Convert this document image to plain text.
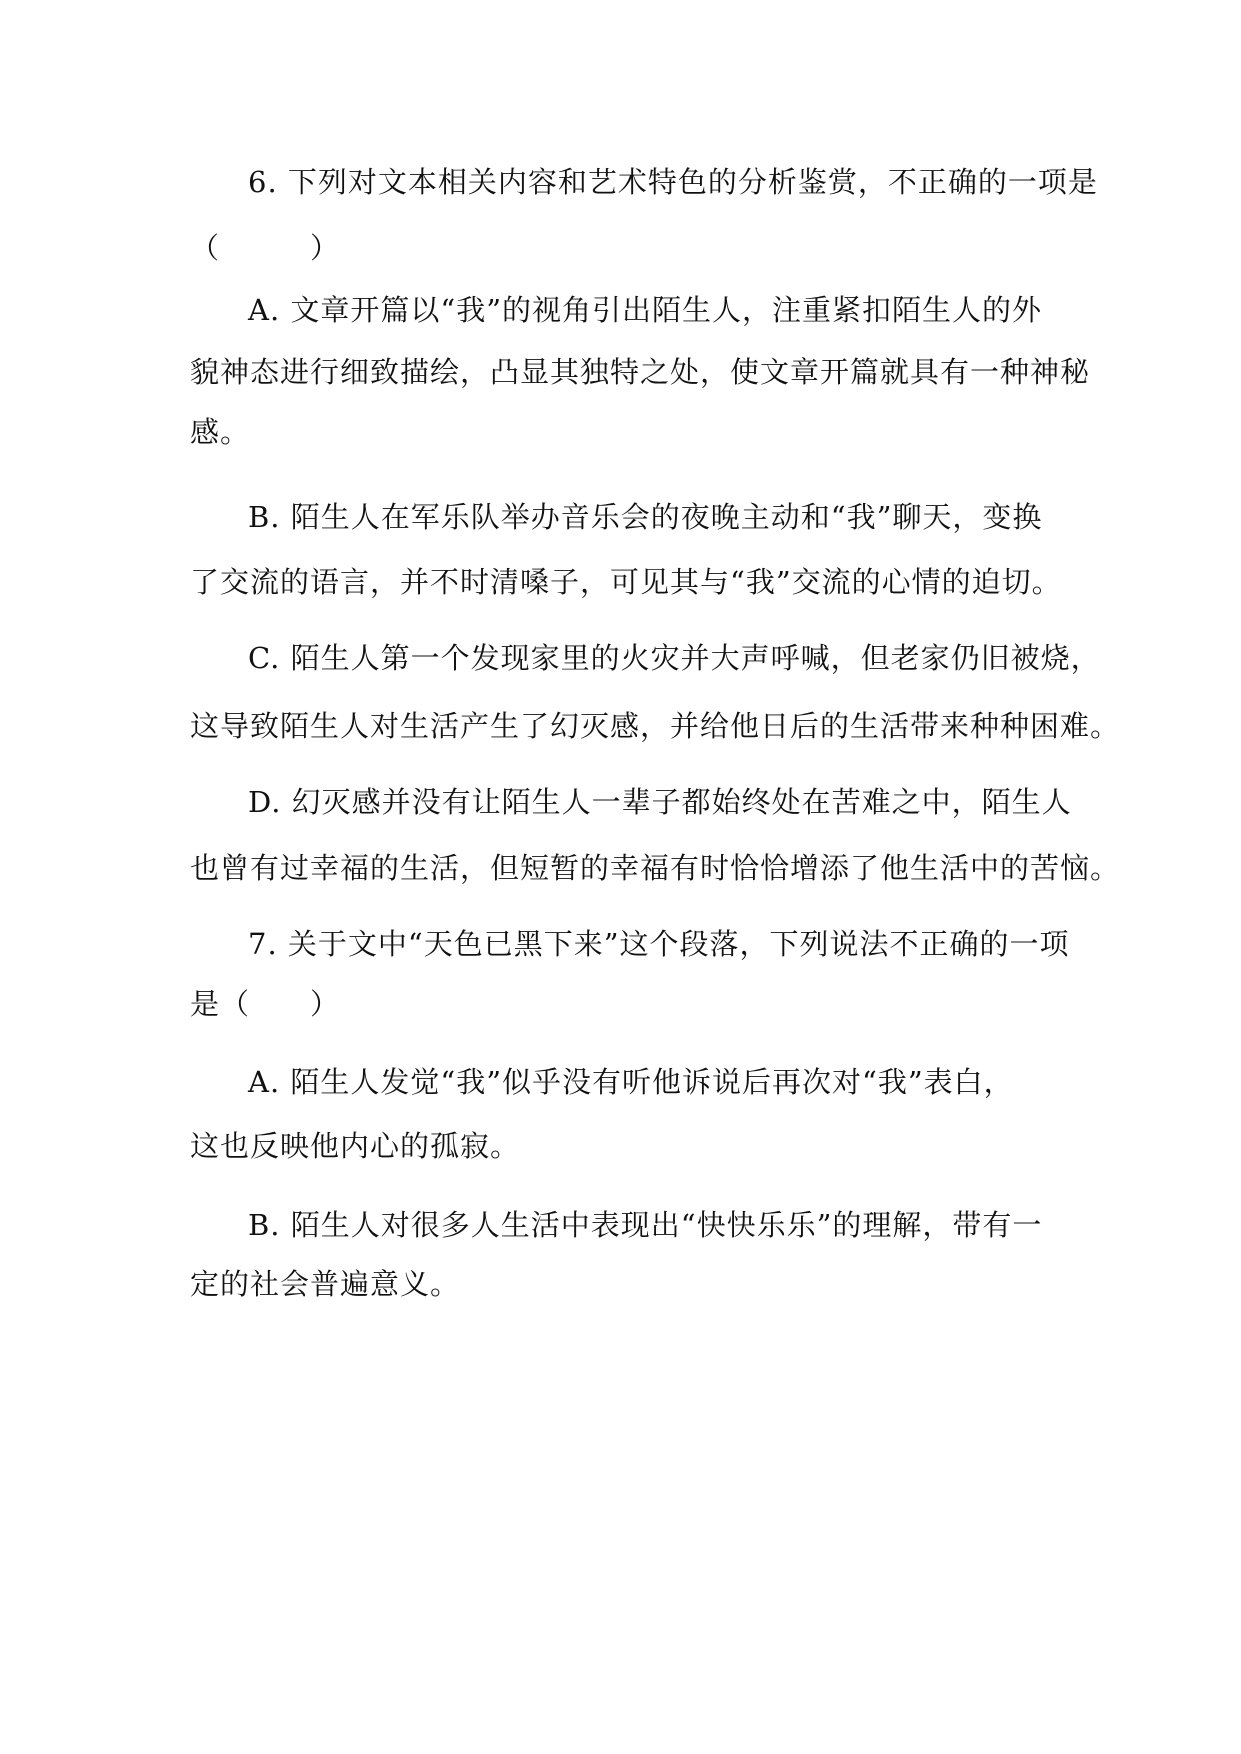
6. 下列对文本相关内容和艺术特色的分析鉴赏，不正确的一项是
（　　　）
A. 文章开篇以“我”的视角引出陌生人，注重紧扣陌生人的外
貌神态进行细致描绘，凸显其独特之处，使文章开篇就具有一种神秘
感。
B. 陌生人在军乐队举办音乐会的夜晚主动和“我”聊天，变换
了交流的语言，并不时清嗓子，可见其与“我”交流的心情的迫切。
C. 陌生人第一个发现家里的火灾并大声呼喊，但老家仍旧被烧，
这导致陌生人对生活产生了幻灭感，并给他日后的生活带来种种困难。
D. 幻灭感并没有让陌生人一辈子都始终处在苦难之中，陌生人
也曾有过幸福的生活，但短暂的幸福有时恰恰增添了他生活中的苦恼。
7. 关于文中“天色已黑下来”这个段落，下列说法不正确的一项
是（　　）
A. 陌生人发觉“我”似乎没有听他诉说后再次对“我”表白，
这也反映他内心的孤寂。
B. 陌生人对很多人生活中表现出“快快乐乐”的理解，带有一
定的社会普遍意义。
